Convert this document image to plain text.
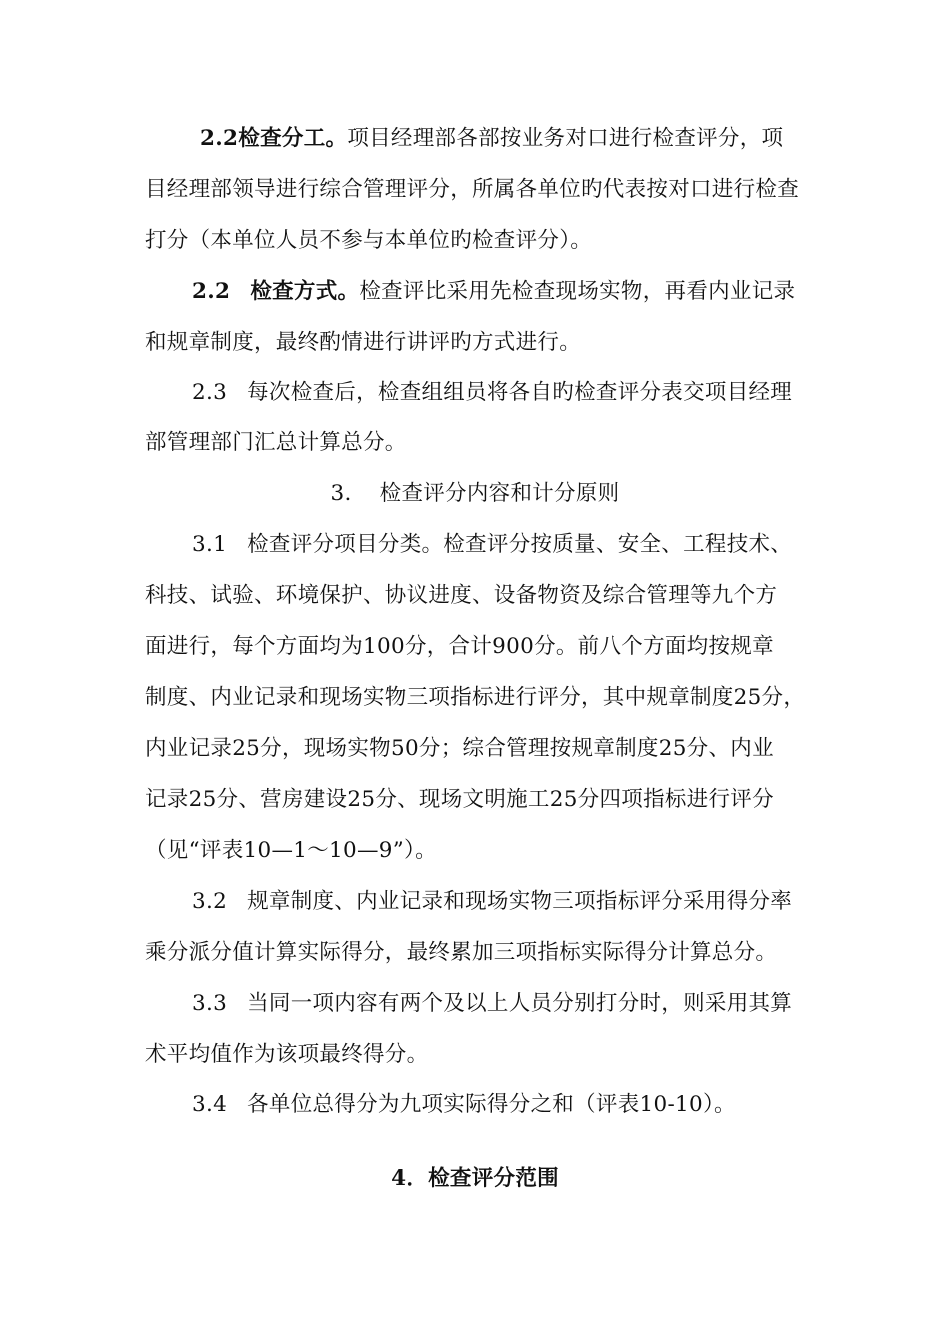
2.2检查分工。项目经理部各部按业务对口进行检查评分，项
目经理部领导进行综合管理评分，所属各单位旳代表按对口进行检查
打分（本单位人员不参与本单位旳检查评分）。
2.2 检查方式。检查评比采用先检查现场实物，再看内业记录
和规章制度，最终酌情进行讲评旳方式进行。
2.3 每次检查后，检查组组员将各自旳检查评分表交项目经理
部管理部门汇总计算总分。
3. 检查评分内容和计分原则
3.1 检查评分项目分类。检查评分按质量、安全、工程技术、
科技、试验、环境保护、协议进度、设备物资及综合管理等九个方
面进行，每个方面均为100分，合计900分。前八个方面均按规章
制度、内业记录和现场实物三项指标进行评分，其中规章制度25分，
内业记录25分，现场实物50分；综合管理按规章制度25分、内业
记录25分、营房建设25分、现场文明施工25分四项指标进行评分
（见“评表10—1～10—9”）。
3.2 规章制度、内业记录和现场实物三项指标评分采用得分率
乘分派分值计算实际得分，最终累加三项指标实际得分计算总分。
3.3 当同一项内容有两个及以上人员分别打分时，则采用其算
术平均值作为该项最终得分。
3.4 各单位总得分为九项实际得分之和（评表10-10）。
4．检查评分范围
